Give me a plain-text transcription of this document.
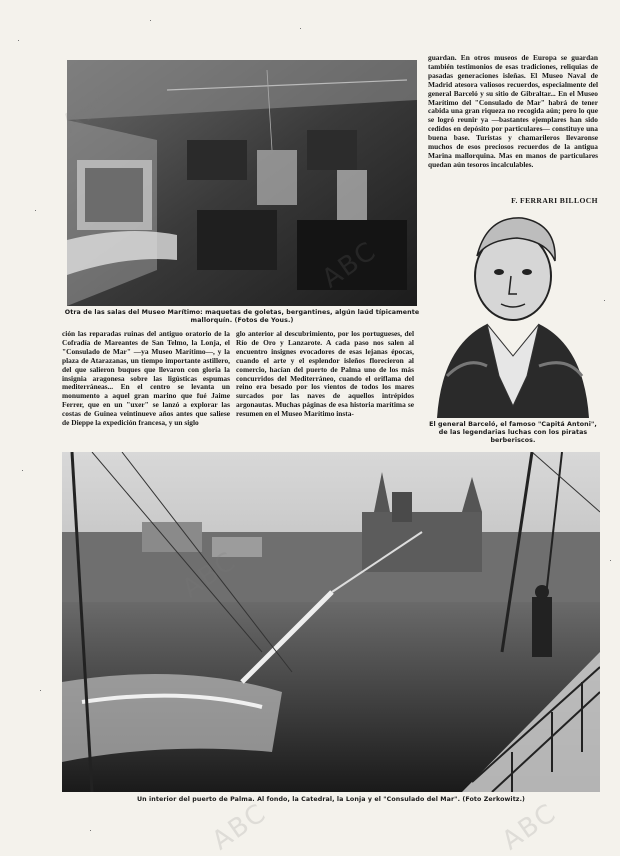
Otra de las salas del Museo Marítimo: maquetas de goletas, bergantines, algún laúd típicamente mallorquín. (Fotos de Yous.)
guardan. En otros museos de Europa se guardan también testimonios de esas tradiciones, reliquias de pasadas generaciones isleñas. El Museo Naval de Madrid atesora valiosos recuerdos, especialmente del general Barceló y su sitio de Gibraltar... En el Museo Marítimo del "Consulado de Mar" habrá de tener cabida una gran riqueza no recogida aún; pero lo que se logró reunir ya —bastantes ejemplares han sido cedidos en depósito por particulares— constituye una buena base. Turistas y chamarileros llevaronse muchos de esos preciosos recuerdos de la antigua Marina mallorquina. Mas en manos de particulares quedan aún tesoros incalculables.
F. FERRARI BILLOCH
El general Barceló, el famoso "Capitá Antoni", de las legendarias luchas con los piratas berberiscos.
ción las reparadas ruinas del antiguo oratorio de la Cofradía de Mareantes de San Telmo, la Lonja, el "Consulado de Mar" —ya Museo Marítimo—, y la plaza de Atarazanas, un tiempo importante astillero, del que salieron buques que llevaron con gloria la insignia aragonesa sobre las ligústicas espumas mediterráneas... En el centro se levanta un monumento a aquel gran marino que fué Jaime Ferrer, que en un "uxer" se lanzó a explorar las costas de Guinea veintinueve años antes que saliese de Dieppe la expedición francesa, y un siglo
glo anterior al descubrimiento, por los portugueses, del Río de Oro y Lanzarote. A cada paso nos salen al encuentro insignes evocadores de esas lejanas épocas, cuando el arte y el esplendor isleños florecieron al comercio, hacían del puerto de Palma uno de los más concurridos del Mediterráneo, cuando el oriflama del reino era besado por los vientos de todos los mares surcados por las naves de aquellos intrépidos argonautas. Muchas páginas de esa historia marítima se resumen en el Museo Marítimo insta-
Un interior del puerto de Palma. Al fondo, la Catedral, la Lonja y el "Consulado del Mar". (Foto Zerkowitz.)
ABC	ABC
